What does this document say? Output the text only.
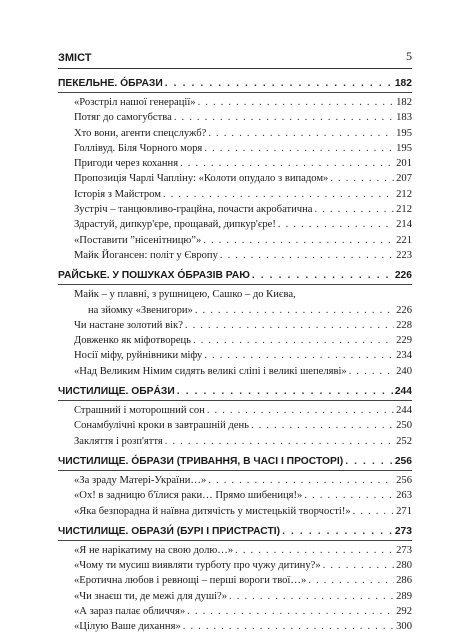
ЗМІСТ	5
ПЕКЕЛЬНЕ. ÓБРАЗИ . . .	182
«Розстріл нашої генерації» . . .	182
Потяг до самогубства . . .	183
Хто вони, агенти спецслужб? . . .	195
Голлівуд. Біля Чорного моря . . .	195
Пригоди через кохання . . .	201
Пропозиція Чарлі Чапліну: «Колоти опудало з випадом» . . .	207
Історія з Майстром . . .	212
Зустріч – танцювливо-грацйна, почасти акробатична . . .	212
Здрастуй, дипкур'єре, прощавай, дипкур'єре! . . .	214
«Поставити ˮнісенітницюˮ» . . .	221
Майк Йогансен: політ у Європу . . .	223
РАЙСЬКЕ. У ПОШУКАХ ÓБРАЗІВ РАЮ . . .	226
Майк – у плавні, з рушницею, Сашко – до Києва,
на зйомку «Звенигори» . . .	226
Чи настане золотий вік? . . .	228
Довженко як міфотворець . . .	229
Носії міфу, руйнівники міфу . . .	234
«Над Великим Німим сидять великі сліпі і великі шепеляві» . . .	240
ЧИСТИЛИЩЕ. ОБРÁЗИ . . .	244
Страшний і моторошний сон . . .	244
Сонамбулічні кроки в завтрашній день . . .	250
Закляття і розп'яття . . .	252
ЧИСТИЛИЩЕ. ÓБРАЗИ (ТРИВАННЯ, В ЧАСІ І ПРОСТОРІ) . . .	256
«За зраду Матері-України…» . . .	256
«Ох! в задницю б'їлися раки… Прямо шибениця!» . . .	263
«Яка безпорадна й наївна дитячість у мистецькій творчості!» . . .	271
ЧИСТИЛИЩЕ. ОБРАЗИ́ (БУРІ І ПРИСТРАСТІ) . . .	273
«Я не нарікатиму на свою долю…» . . .	273
«Чому ти мусиш виявляти турботу про чужу дитину?» . . .	280
«Еротична любов і ревнощі – перші вороги твої…» . . .	286
«Чи знаєш ти, де межі для душі?» . . .	289
«А зараз палає обличчя» . . .	292
«Цілую Ваше дихання» . . .	300
